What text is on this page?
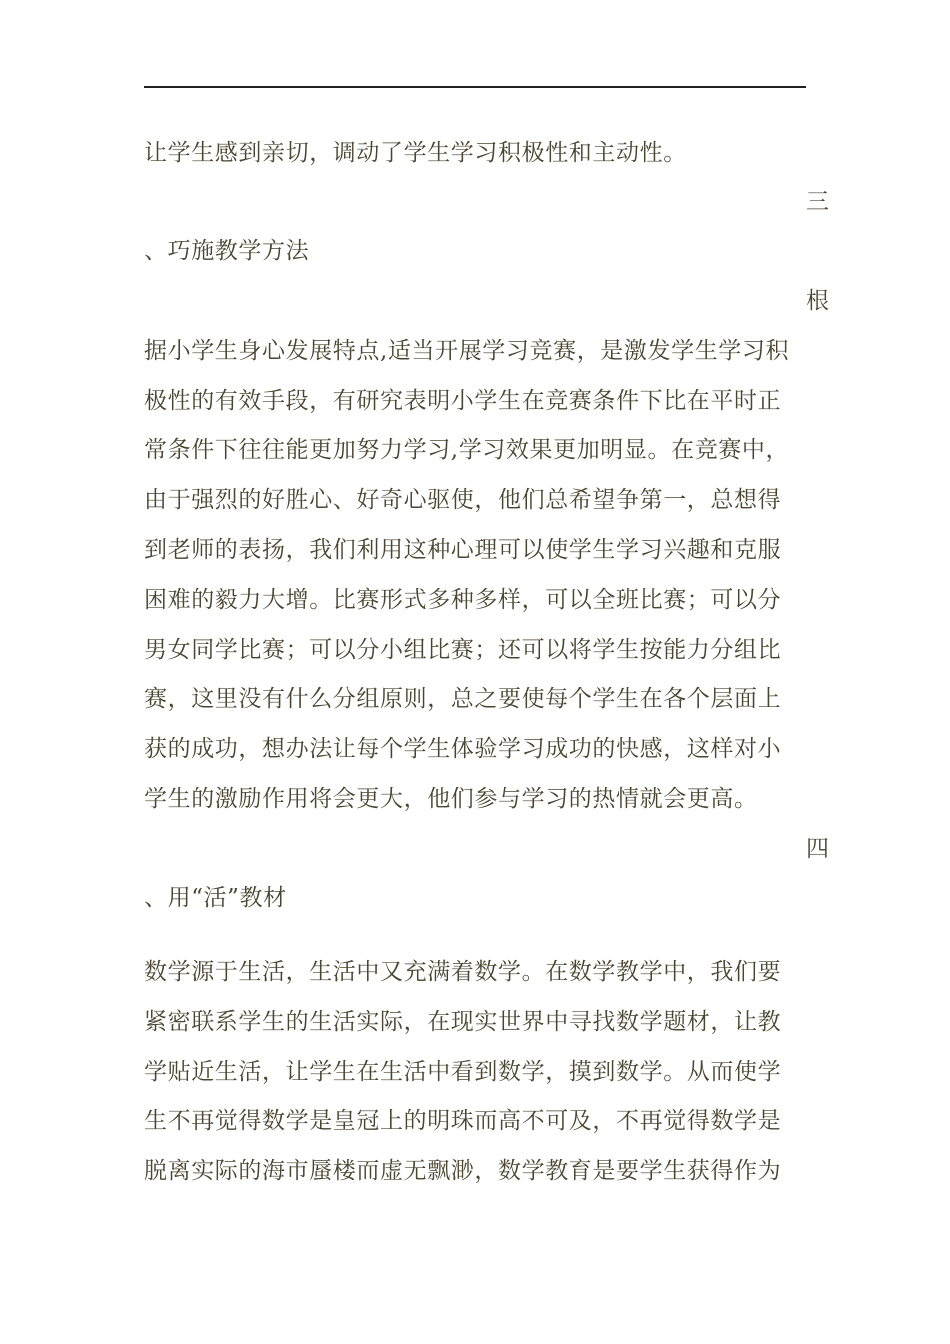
让学生感到亲切，调动了学生学习积极性和主动性。
三
、巧施教学方法
根
据小学生身心发展特点,适当开展学习竞赛，是激发学生学习积
极性的有效手段，有研究表明小学生在竞赛条件下比在平时正
常条件下往往能更加努力学习,学习效果更加明显。在竞赛中，
由于强烈的好胜心、好奇心驱使，他们总希望争第一，总想得
到老师的表扬，我们利用这种心理可以使学生学习兴趣和克服
困难的毅力大增。比赛形式多种多样，可以全班比赛；可以分
男女同学比赛；可以分小组比赛；还可以将学生按能力分组比
赛，这里没有什么分组原则，总之要使每个学生在各个层面上
获的成功，想办法让每个学生体验学习成功的快感，这样对小
学生的激励作用将会更大，他们参与学习的热情就会更高。
四
、用“活”教材
数学源于生活，生活中又充满着数学。在数学教学中，我们要
紧密联系学生的生活实际，在现实世界中寻找数学题材，让教
学贴近生活，让学生在生活中看到数学，摸到数学。从而使学
生不再觉得数学是皇冠上的明珠而高不可及，不再觉得数学是
脱离实际的海市蜃楼而虚无飘渺，数学教育是要学生获得作为
